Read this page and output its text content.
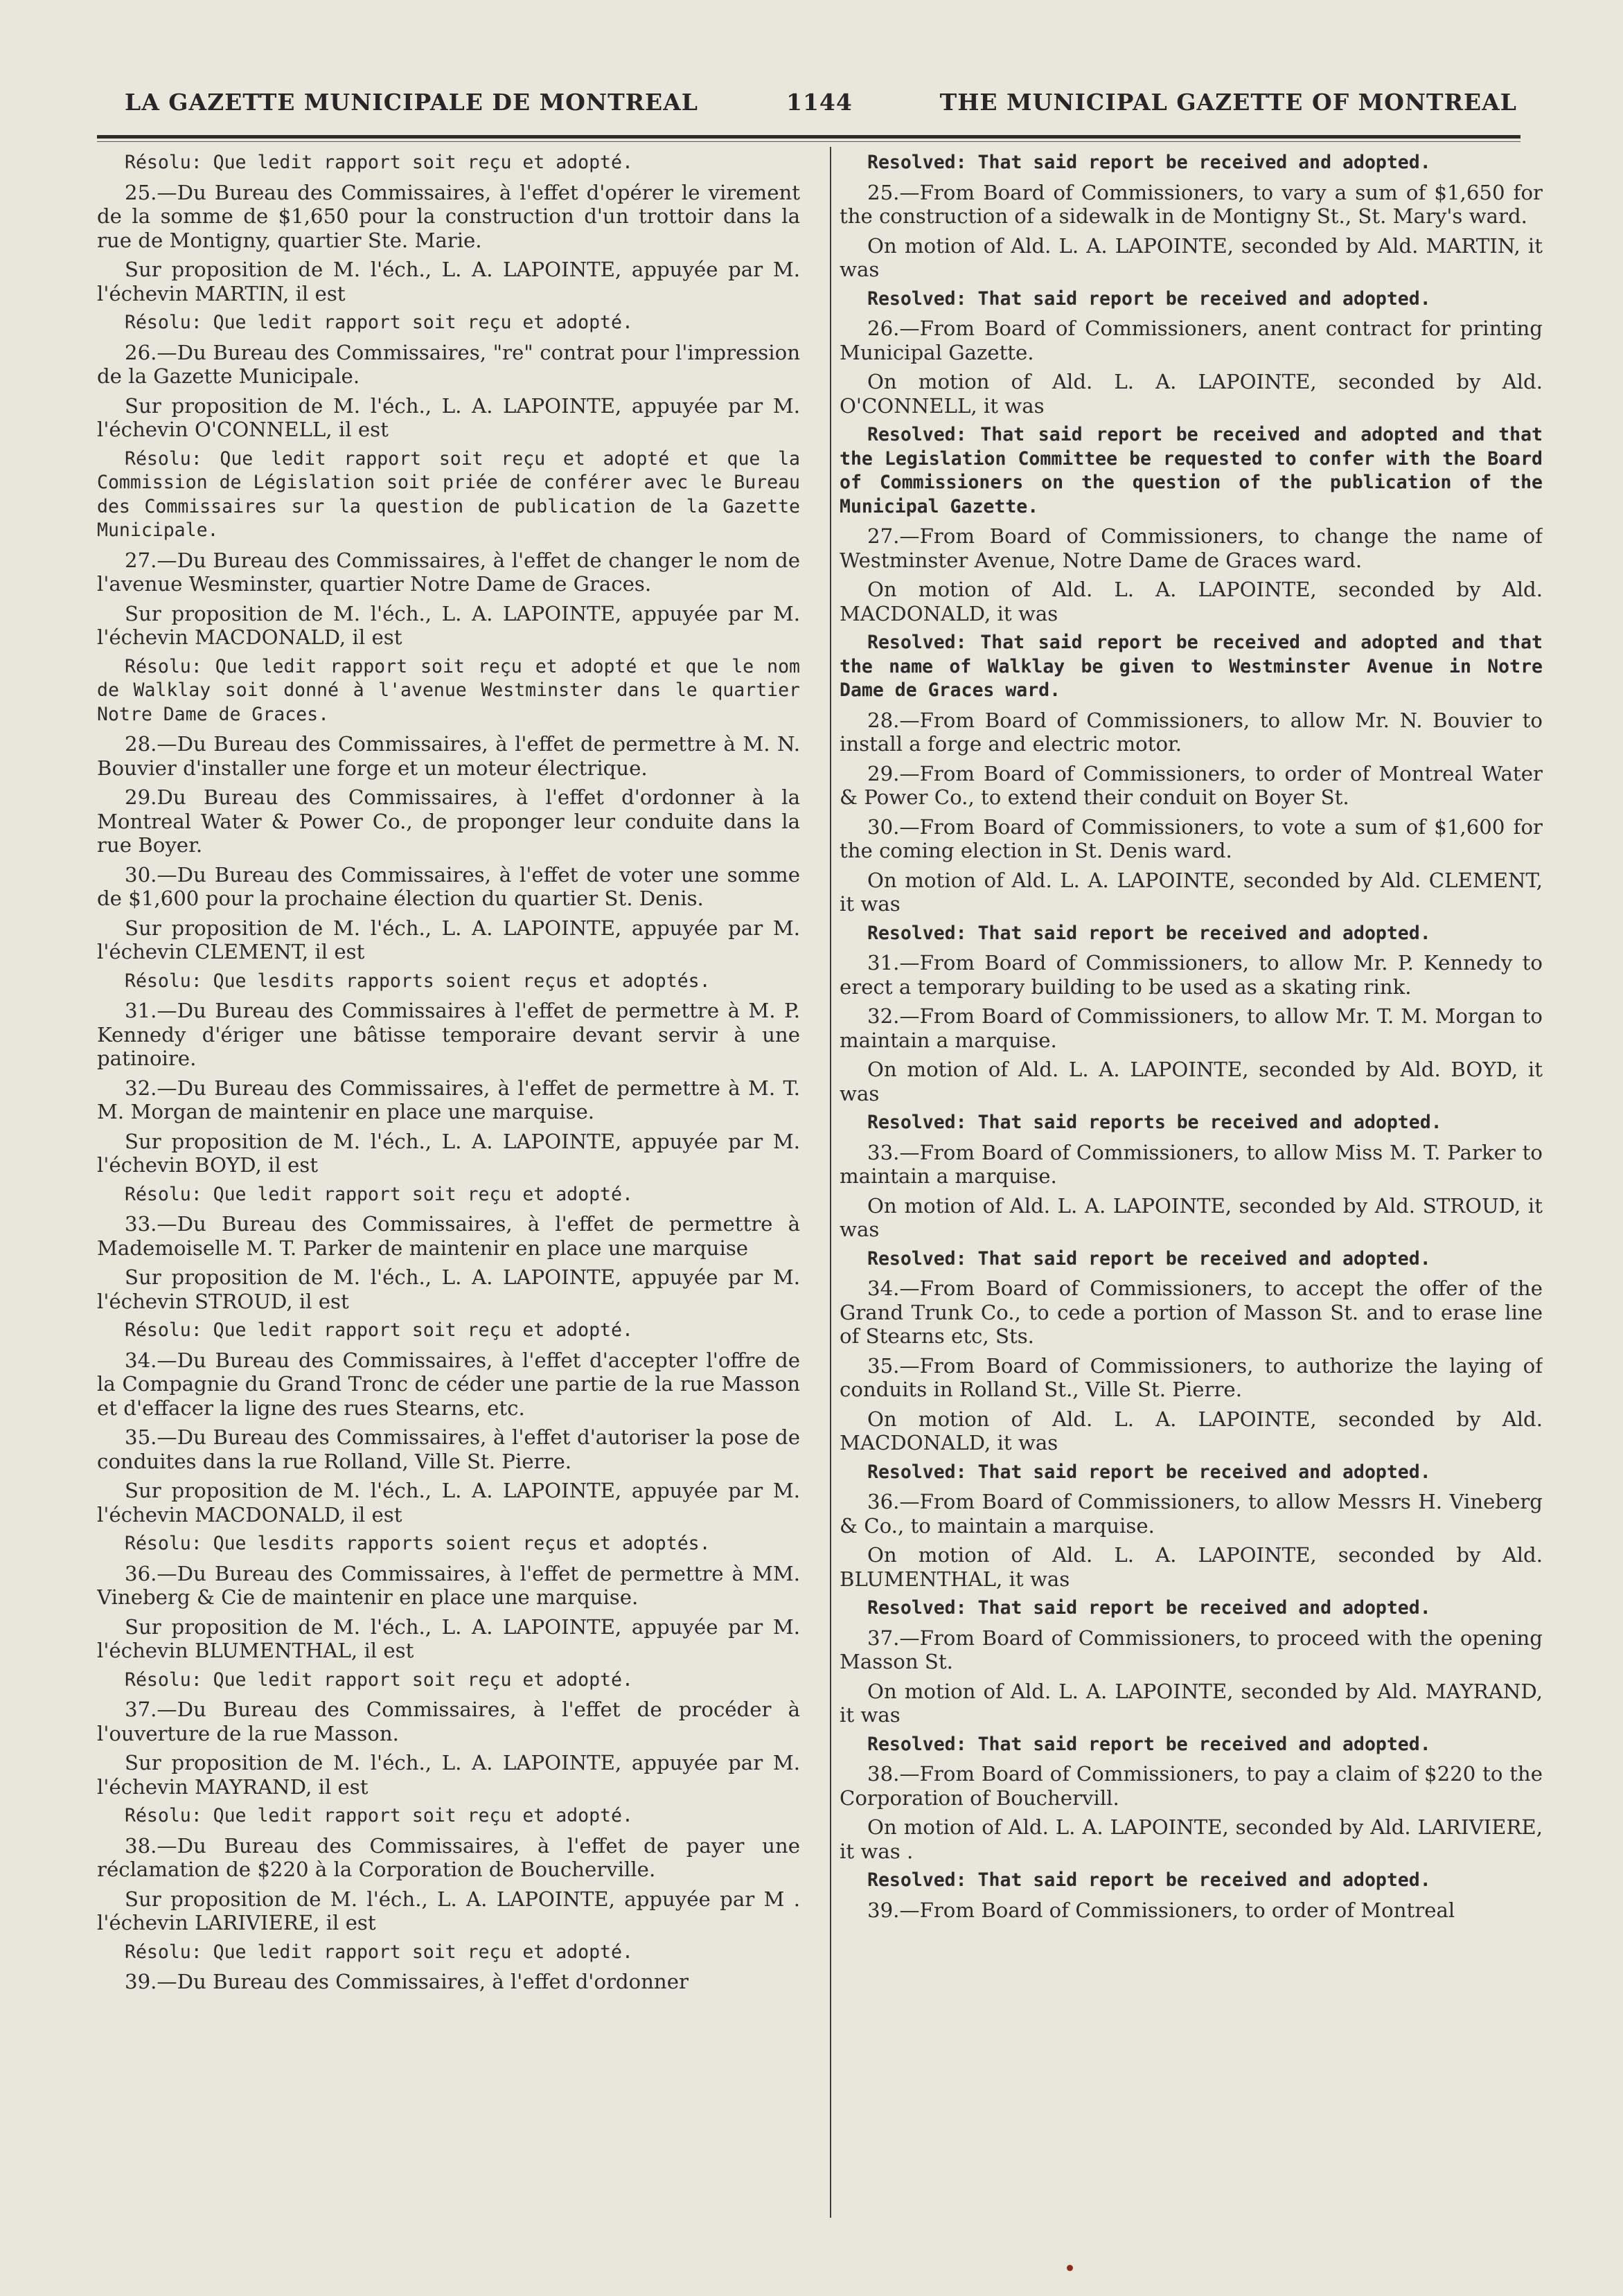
LA GAZETTE MUNICIPALE DE MONTREAL	1144	THE MUNICIPAL GAZETTE OF MONTREAL

Résolu: Que ledit rapport soit reçu et adopté.

25.—Du Bureau des Commissaires, à l'effet d'opérer le virement de la somme de $1,650 pour la construction d'un trottoir dans la rue de Montigny, quartier Ste. Marie.

Sur proposition de M. l'éch., L. A. LAPOINTE, appuyée par M. l'échevin MARTIN, il est

Résolu: Que ledit rapport soit reçu et adopté.

26.—Du Bureau des Commissaires, "re" contrat pour l'impression de la Gazette Municipale.

Sur proposition de M. l'éch., L. A. LAPOINTE, appuyée par M. l'échevin O'CONNELL, il est

Résolu: Que ledit rapport soit reçu et adopté et que la Commission de Législation soit priée de conférer avec le Bureau des Commissaires sur la question de publication de la Gazette Municipale.

27.—Du Bureau des Commissaires, à l'effet de changer le nom de l'avenue Wesminster, quartier Notre Dame de Graces.

Sur proposition de M. l'éch., L. A. LAPOINTE, appuyée par M. l'échevin MACDONALD, il est

Résolu: Que ledit rapport soit reçu et adopté et que le nom de Walklay soit donné à l'avenue Westminster dans le quartier Notre Dame de Graces.

28.—Du Bureau des Commissaires, à l'effet de permettre à M. N. Bouvier d'installer une forge et un moteur électrique.

29.Du Bureau des Commissaires, à l'effet d'ordonner à la Montreal Water & Power Co., de proponger leur conduite dans la rue Boyer.

30.—Du Bureau des Commissaires, à l'effet de voter une somme de $1,600 pour la prochaine élection du quartier St. Denis.

Sur proposition de M. l'éch., L. A. LAPOINTE, appuyée par M. l'échevin CLEMENT, il est

Résolu: Que lesdits rapports soient reçus et adoptés.

31.—Du Bureau des Commissaires à l'effet de permettre à M. P. Kennedy d'ériger une bâtisse temporaire devant servir à une patinoire.

32.—Du Bureau des Commissaires, à l'effet de permettre à M. T. M. Morgan de maintenir en place une marquise.

Sur proposition de M. l'éch., L. A. LAPOINTE, appuyée par M. l'échevin BOYD, il est

Résolu: Que ledit rapport soit reçu et adopté.

33.—Du Bureau des Commissaires, à l'effet de permettre à Mademoiselle M. T. Parker de maintenir en place une marquise

Sur proposition de M. l'éch., L. A. LAPOINTE, appuyée par M. l'échevin STROUD, il est

Résolu: Que ledit rapport soit reçu et adopté.

34.—Du Bureau des Commissaires, à l'effet d'accepter l'offre de la Compagnie du Grand Tronc de céder une partie de la rue Masson et d'effacer la ligne des rues Stearns, etc.

35.—Du Bureau des Commissaires, à l'effet d'autoriser la pose de conduites dans la rue Rolland, Ville St. Pierre.

Sur proposition de M. l'éch., L. A. LAPOINTE, appuyée par M. l'échevin MACDONALD, il est

Résolu: Que lesdits rapports soient reçus et adoptés.

36.—Du Bureau des Commissaires, à l'effet de permettre à MM. Vineberg & Cie de maintenir en place une marquise.

Sur proposition de M. l'éch., L. A. LAPOINTE, appuyée par M. l'échevin BLUMENTHAL, il est

Résolu: Que ledit rapport soit reçu et adopté.

37.—Du Bureau des Commissaires, à l'effet de procéder à l'ouverture de la rue Masson.

Sur proposition de M. l'éch., L. A. LAPOINTE, appuyée par M. l'échevin MAYRAND, il est

Résolu: Que ledit rapport soit reçu et adopté.

38.—Du Bureau des Commissaires, à l'effet de payer une réclamation de $220 à la Corporation de Boucherville.

Sur proposition de M. l'éch., L. A. LAPOINTE, appuyée par M . l'échevin LARIVIERE, il est

Résolu: Que ledit rapport soit reçu et adopté.

39.—Du Bureau des Commissaires, à l'effet d'ordonner

Resolved: That said report be received and adopted.

25.—From Board of Commissioners, to vary a sum of $1,650 for the construction of a sidewalk in de Montigny St., St. Mary's ward.

On motion of Ald. L. A. LAPOINTE, seconded by Ald. MARTIN, it was

Resolved: That said report be received and adopted.

26.—From Board of Commissioners, anent contract for printing Municipal Gazette.

On motion of Ald. L. A. LAPOINTE, seconded by Ald. O'CONNELL, it was

Resolved: That said report be received and adopted and that the Legislation Committee be requested to confer with the Board of Commissioners on the question of the publication of the Municipal Gazette.

27.—From Board of Commissioners, to change the name of Westminster Avenue, Notre Dame de Graces ward.

On motion of Ald. L. A. LAPOINTE, seconded by Ald. MACDONALD, it was

Resolved: That said report be received and adopted and that the name of Walklay be given to Westminster Avenue in Notre Dame de Graces ward.

28.—From Board of Commissioners, to allow Mr. N. Bouvier to install a forge and electric motor.

29.—From Board of Commissioners, to order of Montreal Water & Power Co., to extend their conduit on Boyer St.

30.—From Board of Commissioners, to vote a sum of $1,600 for the coming election in St. Denis ward.

On motion of Ald. L. A. LAPOINTE, seconded by Ald. CLEMENT, it was

Resolved: That said report be received and adopted.

31.—From Board of Commissioners, to allow Mr. P. Kennedy to erect a temporary building to be used as a skating rink.

32.—From Board of Commissioners, to allow Mr. T. M. Morgan to maintain a marquise.

On motion of Ald. L. A. LAPOINTE, seconded by Ald. BOYD, it was

Resolved: That said reports be received and adopted.

33.—From Board of Commissioners, to allow Miss M. T. Parker to maintain a marquise.

On motion of Ald. L. A. LAPOINTE, seconded by Ald. STROUD, it was

Resolved: That said report be received and adopted.

34.—From Board of Commissioners, to accept the offer of the Grand Trunk Co., to cede a portion of Masson St. and to erase line of Stearns etc, Sts.

35.—From Board of Commissioners, to authorize the laying of conduits in Rolland St., Ville St. Pierre.

On motion of Ald. L. A. LAPOINTE, seconded by Ald. MACDONALD, it was

Resolved: That said report be received and adopted.

36.—From Board of Commissioners, to allow Messrs H. Vineberg & Co., to maintain a marquise.

On motion of Ald. L. A. LAPOINTE, seconded by Ald. BLUMENTHAL, it was

Resolved: That said report be received and adopted.

37.—From Board of Commissioners, to proceed with the opening Masson St.

On motion of Ald. L. A. LAPOINTE, seconded by Ald. MAYRAND, it was

Resolved: That said report be received and adopted.

38.—From Board of Commissioners, to pay a claim of $220 to the Corporation of Bouchervill.

On motion of Ald. L. A. LAPOINTE, seconded by Ald. LARIVIERE, it was .

Resolved: That said report be received and adopted.

39.—From Board of Commissioners, to order of Montreal
